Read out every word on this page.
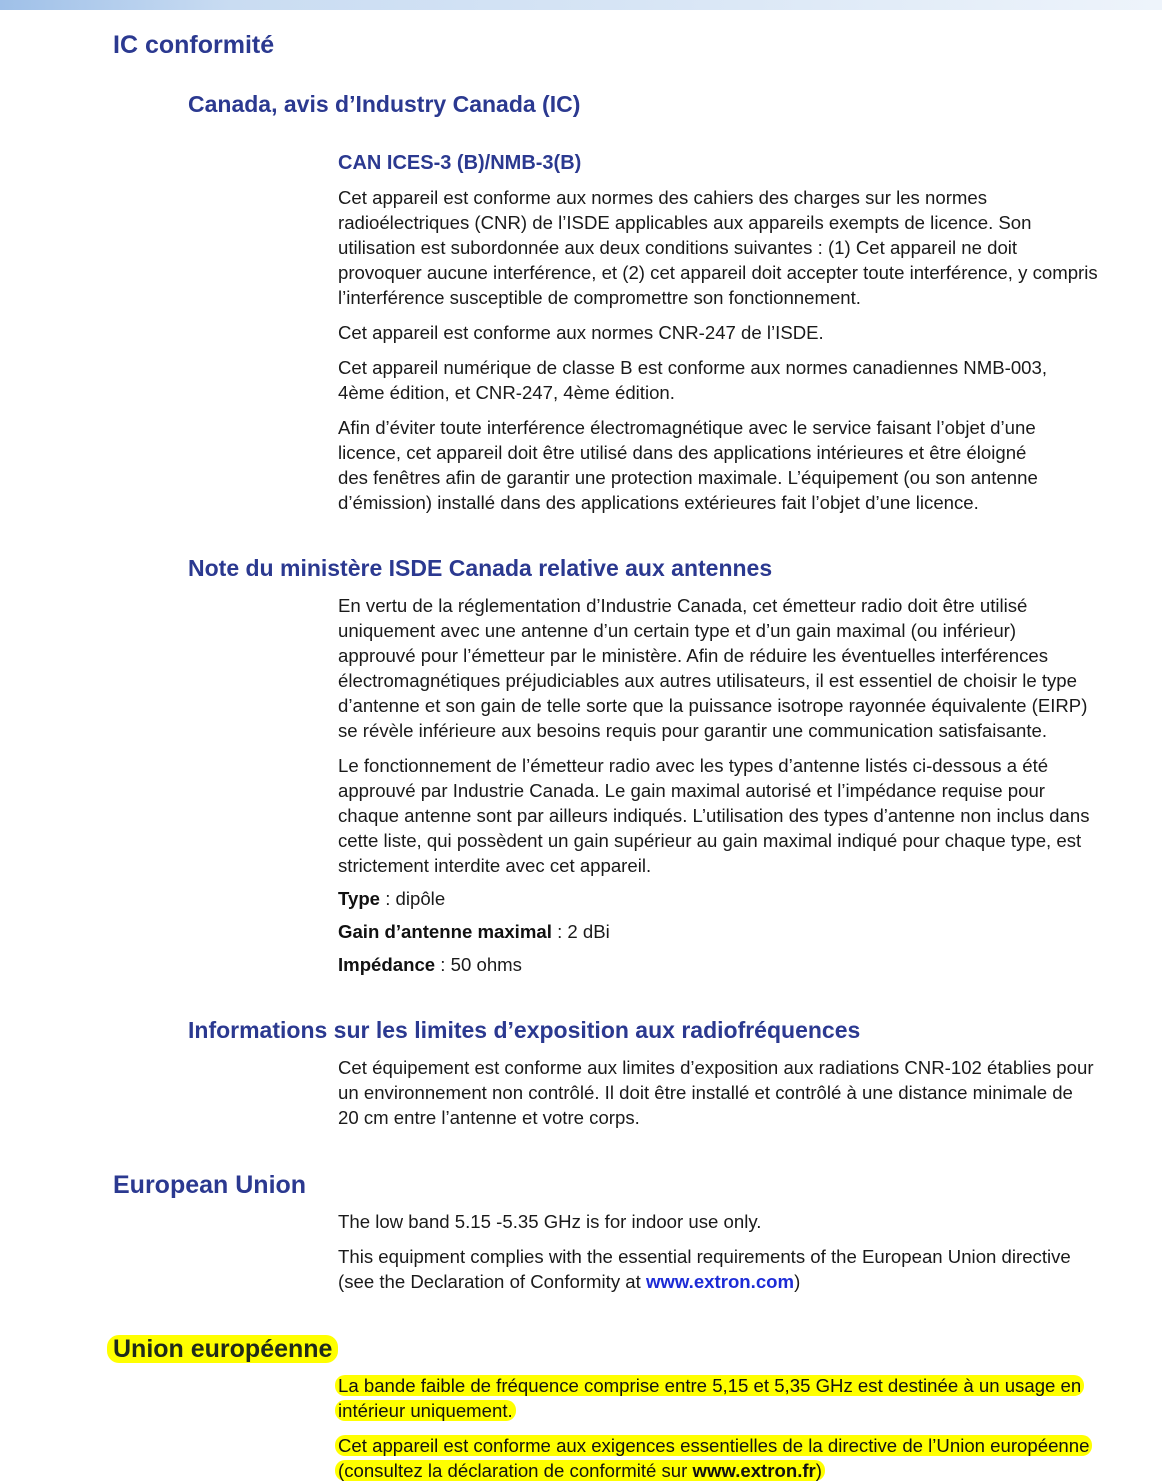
IC conformité
Canada, avis d’Industry Canada (IC)
CAN ICES-3 (B)/NMB-3(B)
Cet appareil est conforme aux normes des cahiers des charges sur les normes
radioélectriques (CNR) de l’ISDE applicables aux appareils exempts de licence. Son
utilisation est subordonnée aux deux conditions suivantes : (1) Cet appareil ne doit
provoquer aucune interférence, et (2) cet appareil doit accepter toute interférence, y compris
l’interférence susceptible de compromettre son fonctionnement.
Cet appareil est conforme aux normes CNR-247 de l’ISDE.
Cet appareil numérique de classe B est conforme aux normes canadiennes NMB-003,
4ème édition, et CNR-247, 4ème édition.
Afin d’éviter toute interférence électromagnétique avec le service faisant l’objet d’une
licence, cet appareil doit être utilisé dans des applications intérieures et être éloigné
des fenêtres afin de garantir une protection maximale. L’équipement (ou son antenne
d’émission) installé dans des applications extérieures fait l’objet d’une licence.
Note du ministère ISDE Canada relative aux antennes
En vertu de la réglementation d’Industrie Canada, cet émetteur radio doit être utilisé
uniquement avec une antenne d’un certain type et d’un gain maximal (ou inférieur)
approuvé pour l’émetteur par le ministère. Afin de réduire les éventuelles interférences
électromagnétiques préjudiciables aux autres utilisateurs, il est essentiel de choisir le type
d’antenne et son gain de telle sorte que la puissance isotrope rayonnée équivalente (EIRP)
se révèle inférieure aux besoins requis pour garantir une communication satisfaisante.
Le fonctionnement de l’émetteur radio avec les types d’antenne listés ci-dessous a été
approuvé par Industrie Canada. Le gain maximal autorisé et l’impédance requise pour
chaque antenne sont par ailleurs indiqués. L’utilisation des types d’antenne non inclus dans
cette liste, qui possèdent un gain supérieur au gain maximal indiqué pour chaque type, est
strictement interdite avec cet appareil.
Type : dipôle
Gain d’antenne maximal : 2 dBi
Impédance : 50 ohms
Informations sur les limites d’exposition aux radiofréquences
Cet équipement est conforme aux limites d’exposition aux radiations CNR-102 établies pour
un environnement non contrôlé. Il doit être installé et contrôlé à une distance minimale de
20 cm entre l’antenne et votre corps.
European Union
The low band 5.15 -5.35 GHz is for indoor use only.
This equipment complies with the essential requirements of the European Union directive
(see the Declaration of Conformity at www.extron.com)
Union européenne
La bande faible de fréquence comprise entre 5,15 et 5,35 GHz est destinée à un usage en
intérieur uniquement.
Cet appareil est conforme aux exigences essentielles de la directive de l’Union européenne
(consultez la déclaration de conformité sur www.extron.fr)
